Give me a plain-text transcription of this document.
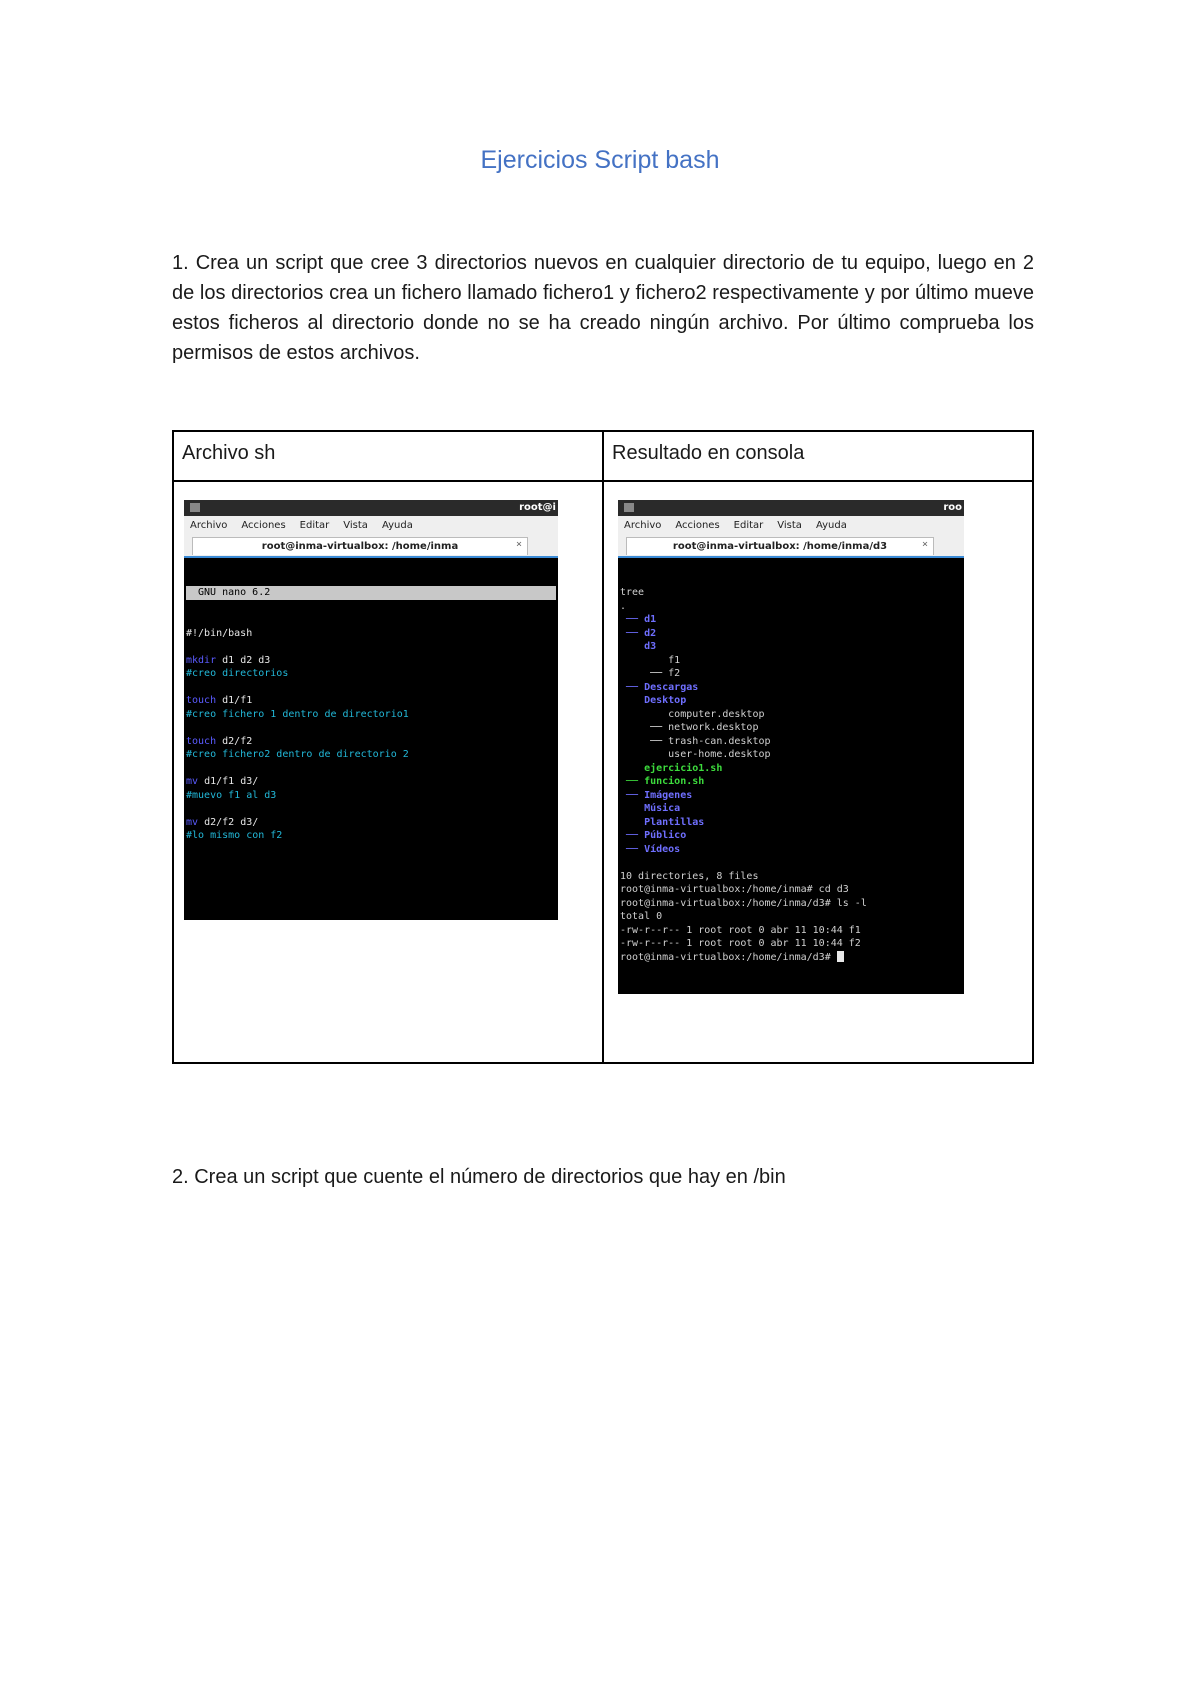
Ejercicios Script bash

1. Crea un script que cree 3 directorios nuevos en cualquier directorio de tu equipo, luego en 2 de los directorios crea un fichero llamado fichero1 y fichero2 respectivamente y por último mueve estos ficheros al directorio donde no se ha creado ningún archivo. Por último comprueba los permisos de estos archivos.

Archivo sh	Resultado en consola

root@i
Archivo Acciones Editar Vista Ayuda
root@inma-virtualbox: /home/inma	×

GNU nano 6.2

#!/bin/bash

mkdir d1 d2 d3
#creo directorios

touch d1/f1
#creo fichero 1 dentro de directorio1

touch d2/f2
#creo fichero2 dentro de directorio 2

mv d1/f1 d3/
#muevo f1 al d3

mv d2/f2 d3/
#lo mismo con f2

roo
Archivo Acciones Editar Vista Ayuda
root@inma-virtualbox: /home/inma/d3	×

tree
.
── d1
── d2
d3
f1
── f2
── Descargas
Desktop
computer.desktop
── network.desktop
── trash-can.desktop
user-home.desktop
ejercicio1.sh
── funcion.sh
── Imágenes
Música
Plantillas
── Público
── Vídeos

10 directories, 8 files
root@inma-virtualbox:/home/inma# cd d3
root@inma-virtualbox:/home/inma/d3# ls -l
total 0
-rw-r--r-- 1 root root 0 abr 11 10:44 f1
-rw-r--r-- 1 root root 0 abr 11 10:44 f2
root@inma-virtualbox:/home/inma/d3#

2. Crea un script que cuente el número de directorios que hay en /bin
